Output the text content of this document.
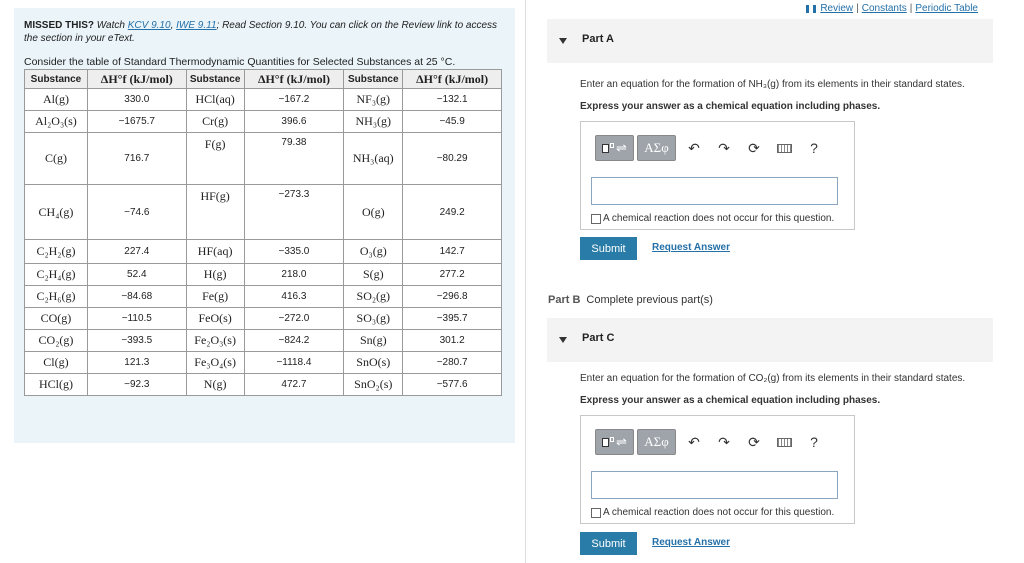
MISSED THIS? Watch KCV 9.10, IWE 9.11; Read Section 9.10. You can click on the Review link to access the section in your eText.
Consider the table of Standard Thermodynamic Quantities for Selected Substances at 25 °C.
Substance	ΔH°f (kJ/mol)	Substance	ΔH°f (kJ/mol)	Substance	ΔH°f (kJ/mol)
Al(g)	330.0	HCl(aq)	−167.2	NF₃(g)	−132.1
Al₂O₃(s)	−1675.7	Cr(g)	396.6	NH₃(g)	−45.9
C(g)	716.7	F(g)	79.38	NH₃(aq)	−80.29
CH₄(g)	−74.6	HF(g)	−273.3	O(g)	249.2
C₂H₂(g)	227.4	HF(aq)	−335.0	O₃(g)	142.7
C₂H₄(g)	52.4	H(g)	218.0	S(g)	277.2
C₂H₆(g)	−84.68	Fe(g)	416.3	SO₂(g)	−296.8
CO(g)	−110.5	FeO(s)	−272.0	SO₃(g)	−395.7
CO₂(g)	−393.5	Fe₂O₃(s)	−824.2	Sn(g)	301.2
Cl(g)	121.3	Fe₃O₄(s)	−1118.4	SnO(s)	−280.7
HCl(g)	−92.3	N(g)	472.7	SnO₂(s)	−577.6
Review | Constants | Periodic Table
Part A
Enter an equation for the formation of NH₃(g) from its elements in their standard states.
Express your answer as a chemical equation including phases.
⇌ ΑΣφ	↶	↷	⟳	?
A chemical reaction does not occur for this question.
Submit	Request Answer
Part B Complete previous part(s)
Part C
Enter an equation for the formation of CO₂(g) from its elements in their standard states.
Express your answer as a chemical equation including phases.
⇌ ΑΣφ	↶	↷	⟳	?
A chemical reaction does not occur for this question.
Submit	Request Answer
